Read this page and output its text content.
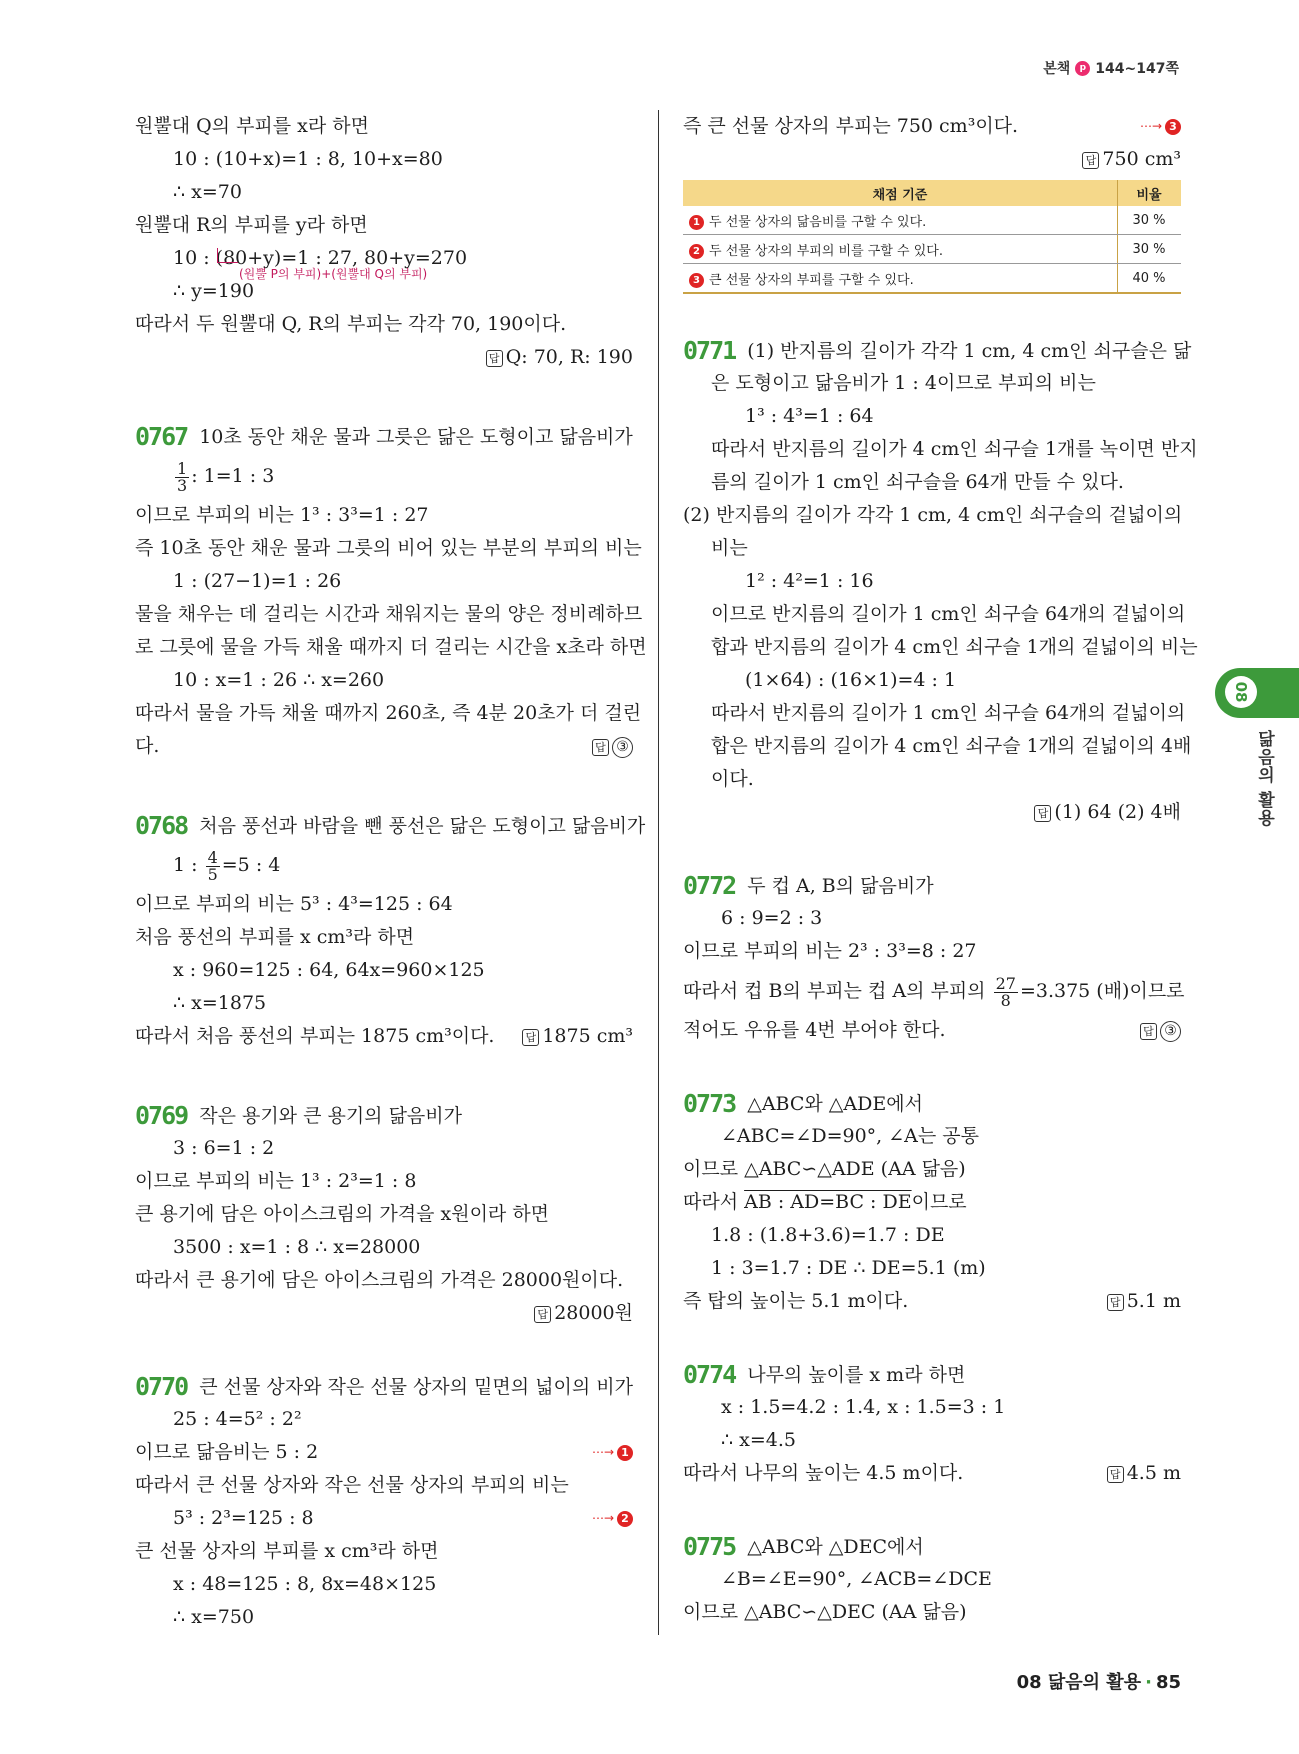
본책	p 144~147쪽
원뿔대 Q의 부피를 x라 하면
10 : (10+x)=1 : 8, 10+x=80
∴ x=70
원뿔대 R의 부피를 y라 하면
10 : (80+y)=1 : 27, 80+y=270
(원뿔 P의 부피)+(원뿔대 Q의 부피)
∴ y=190
따라서 두 원뿔대 Q, R의 부피는 각각 70, 190이다.
답 Q: 70, R: 190
0767 10초 동안 채운 물과 그릇은 닮은 도형이고 닮음비가
$\frac{1}{3}$ : 1=1 : 3
이므로 부피의 비는 1³ : 3³=1 : 27
즉 10초 동안 채운 물과 그릇의 비어 있는 부분의 부피의 비는
1 : (27−1)=1 : 26
물을 채우는 데 걸리는 시간과 채워지는 물의 양은 정비례하므
로 그릇에 물을 가득 채울 때까지 더 걸리는 시간을 x초라 하면
10 : x=1 : 26 ∴ x=260
따라서 물을 가득 채울 때까지 260초, 즉 4분 20초가 더 걸린
다.	답 ③
0768 처음 풍선과 바람을 뺀 풍선은 닮은 도형이고 닮음비가
1 : $\frac{4}{5} =5$ : 4
이므로 부피의 비는 5³ : 4³=125 : 64
처음 풍선의 부피를 x cm³라 하면
x : 960=125 : 64, 64x=960×125
∴ x=1875
따라서 처음 풍선의 부피는 1875 cm³이다.	답 1875 cm³
0769 작은 용기와 큰 용기의 닮음비가
3 : 6=1 : 2
이므로 부피의 비는 1³ : 2³=1 : 8
큰 용기에 담은 아이스크림의 가격을 x원이라 하면
3500 : x=1 : 8 ∴ x=28000
따라서 큰 용기에 담은 아이스크림의 가격은 28000원이다.
답 28000원
0770 큰 선물 상자와 작은 선물 상자의 밑면의 넓이의 비가
25 : 4=5² : 2²
이므로 닮음비는 5 : 2	⋯→ 1
따라서 큰 선물 상자와 작은 선물 상자의 부피의 비는
5³ : 2³=125 : 8	⋯→ 2
큰 선물 상자의 부피를 x cm³라 하면
x : 48=125 : 8, 8x=48×125
∴ x=750
즉 큰 선물 상자의 부피는 750 cm³이다.	⋯→ 3
답 750 cm³
채점 기준	비율
1 두 선물 상자의 닮음비를 구할 수 있다.	30 %
2 두 선물 상자의 부피의 비를 구할 수 있다.	30 %
3 큰 선물 상자의 부피를 구할 수 있다.	40 %
0771 (1) 반지름의 길이가 각각 1 cm, 4 cm인 쇠구슬은 닮
은 도형이고 닮음비가 1 : 4이므로 부피의 비는
1³ : 4³=1 : 64
따라서 반지름의 길이가 4 cm인 쇠구슬 1개를 녹이면 반지
름의 길이가 1 cm인 쇠구슬을 64개 만들 수 있다.
(2) 반지름의 길이가 각각 1 cm, 4 cm인 쇠구슬의 겉넓이의
비는
1² : 4²=1 : 16
이므로 반지름의 길이가 1 cm인 쇠구슬 64개의 겉넓이의
합과 반지름의 길이가 4 cm인 쇠구슬 1개의 겉넓이의 비는
(1×64) : (16×1)=4 : 1
따라서 반지름의 길이가 1 cm인 쇠구슬 64개의 겉넓이의
합은 반지름의 길이가 4 cm인 쇠구슬 1개의 겉넓이의 4배
이다.
답 (1) 64 (2) 4배
0772 두 컵 A, B의 닮음비가
6 : 9=2 : 3
이므로 부피의 비는 2³ : 3³=8 : 27
따라서 컵 B의 부피는 컵 A의 부피의 $\frac{27}{8} =3.375$ (배)이므로
적어도 우유를 4번 부어야 한다.	답 ③
0773 △ABC와 △ADE에서
∠ABC=∠D=90°, ∠A는 공통
이므로 △ABC∽△ADE (AA 닮음)
따라서 AB : AD=BC : DE이므로
1.8 : (1.8+3.6)=1.7 : DE
1 : 3=1.7 : DE ∴ DE=5.1 (m)
즉 탑의 높이는 5.1 m이다.	답 5.1 m
0774 나무의 높이를 x m라 하면
x : 1.5=4.2 : 1.4, x : 1.5=3 : 1
∴ x=4.5
따라서 나무의 높이는 4.5 m이다.	답 4.5 m
0775 △ABC와 △DEC에서
∠B=∠E=90°, ∠ACB=∠DCE
이므로 △ABC∽△DEC (AA 닮음)
08
닮음의 활용
08 닮음의 활용 · 85
